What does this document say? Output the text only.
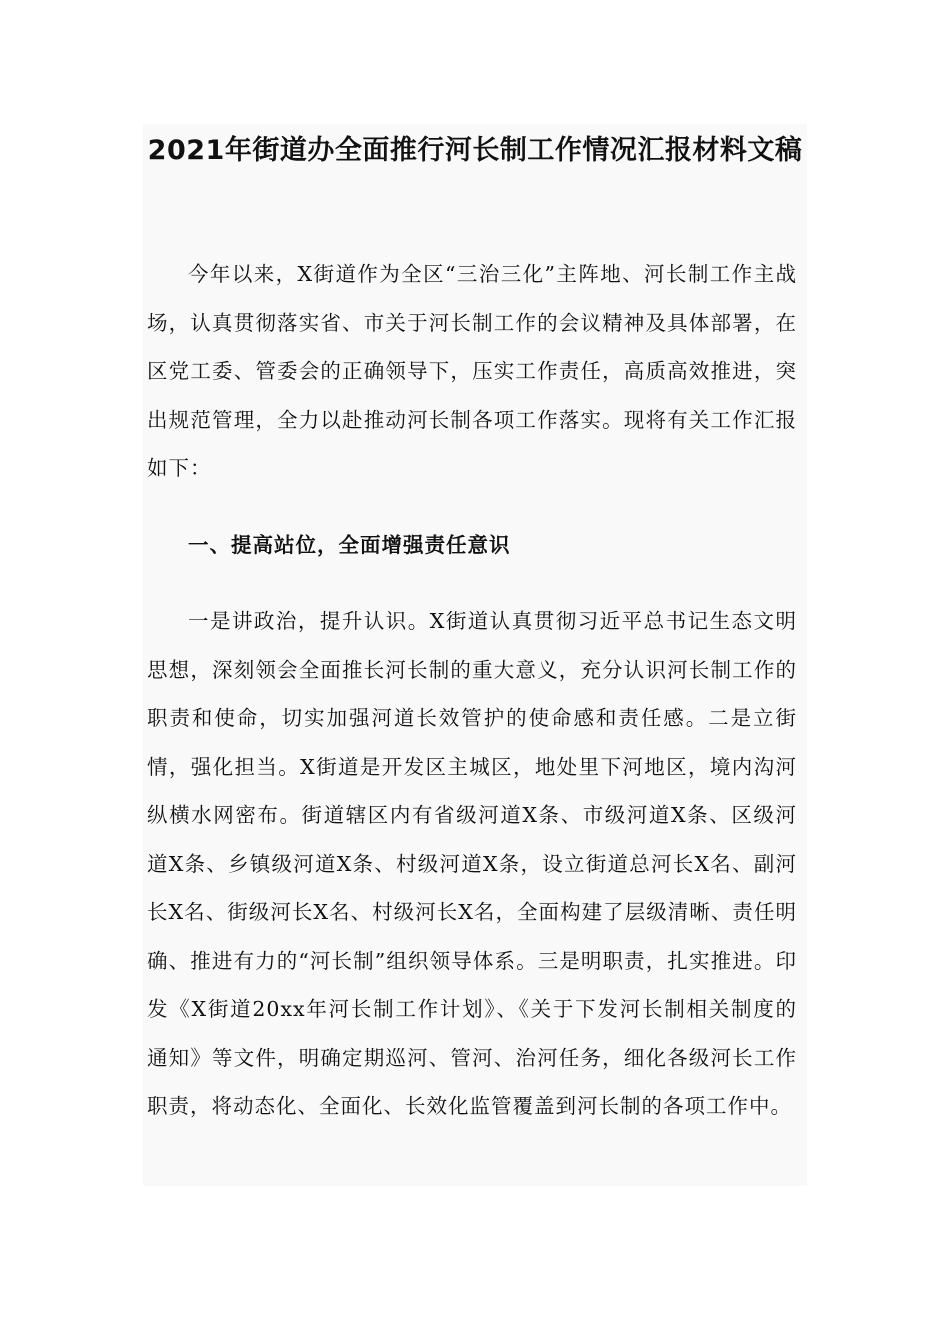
2021年街道办全面推行河长制工作情况汇报材料文稿

今年以来，X街道作为全区“三治三化”主阵地、河长制工作主战场，认真贯彻落实省、市关于河长制工作的会议精神及具体部署，在区党工委、管委会的正确领导下，压实工作责任，高质高效推进，突出规范管理，全力以赴推动河长制各项工作落实。现将有关工作汇报如下：

一、提高站位，全面增强责任意识

一是讲政治，提升认识。X街道认真贯彻习近平总书记生态文明思想，深刻领会全面推长河长制的重大意义，充分认识河长制工作的职责和使命，切实加强河道长效管护的使命感和责任感。二是立街情，强化担当。X街道是开发区主城区，地处里下河地区，境内沟河纵横水网密布。街道辖区内有省级河道X条、市级河道X条、区级河道X条、乡镇级河道X条、村级河道X条，设立街道总河长X名、副河长X名、街级河长X名、村级河长X名，全面构建了层级清晰、责任明确、推进有力的“河长制”组织领导体系。三是明职责，扎实推进。印发《X街道20xx年河长制工作计划》、《关于下发河长制相关制度的通知》等文件，明确定期巡河、管河、治河任务，细化各级河长工作职责，将动态化、全面化、长效化监管覆盖到河长制的各项工作中。
